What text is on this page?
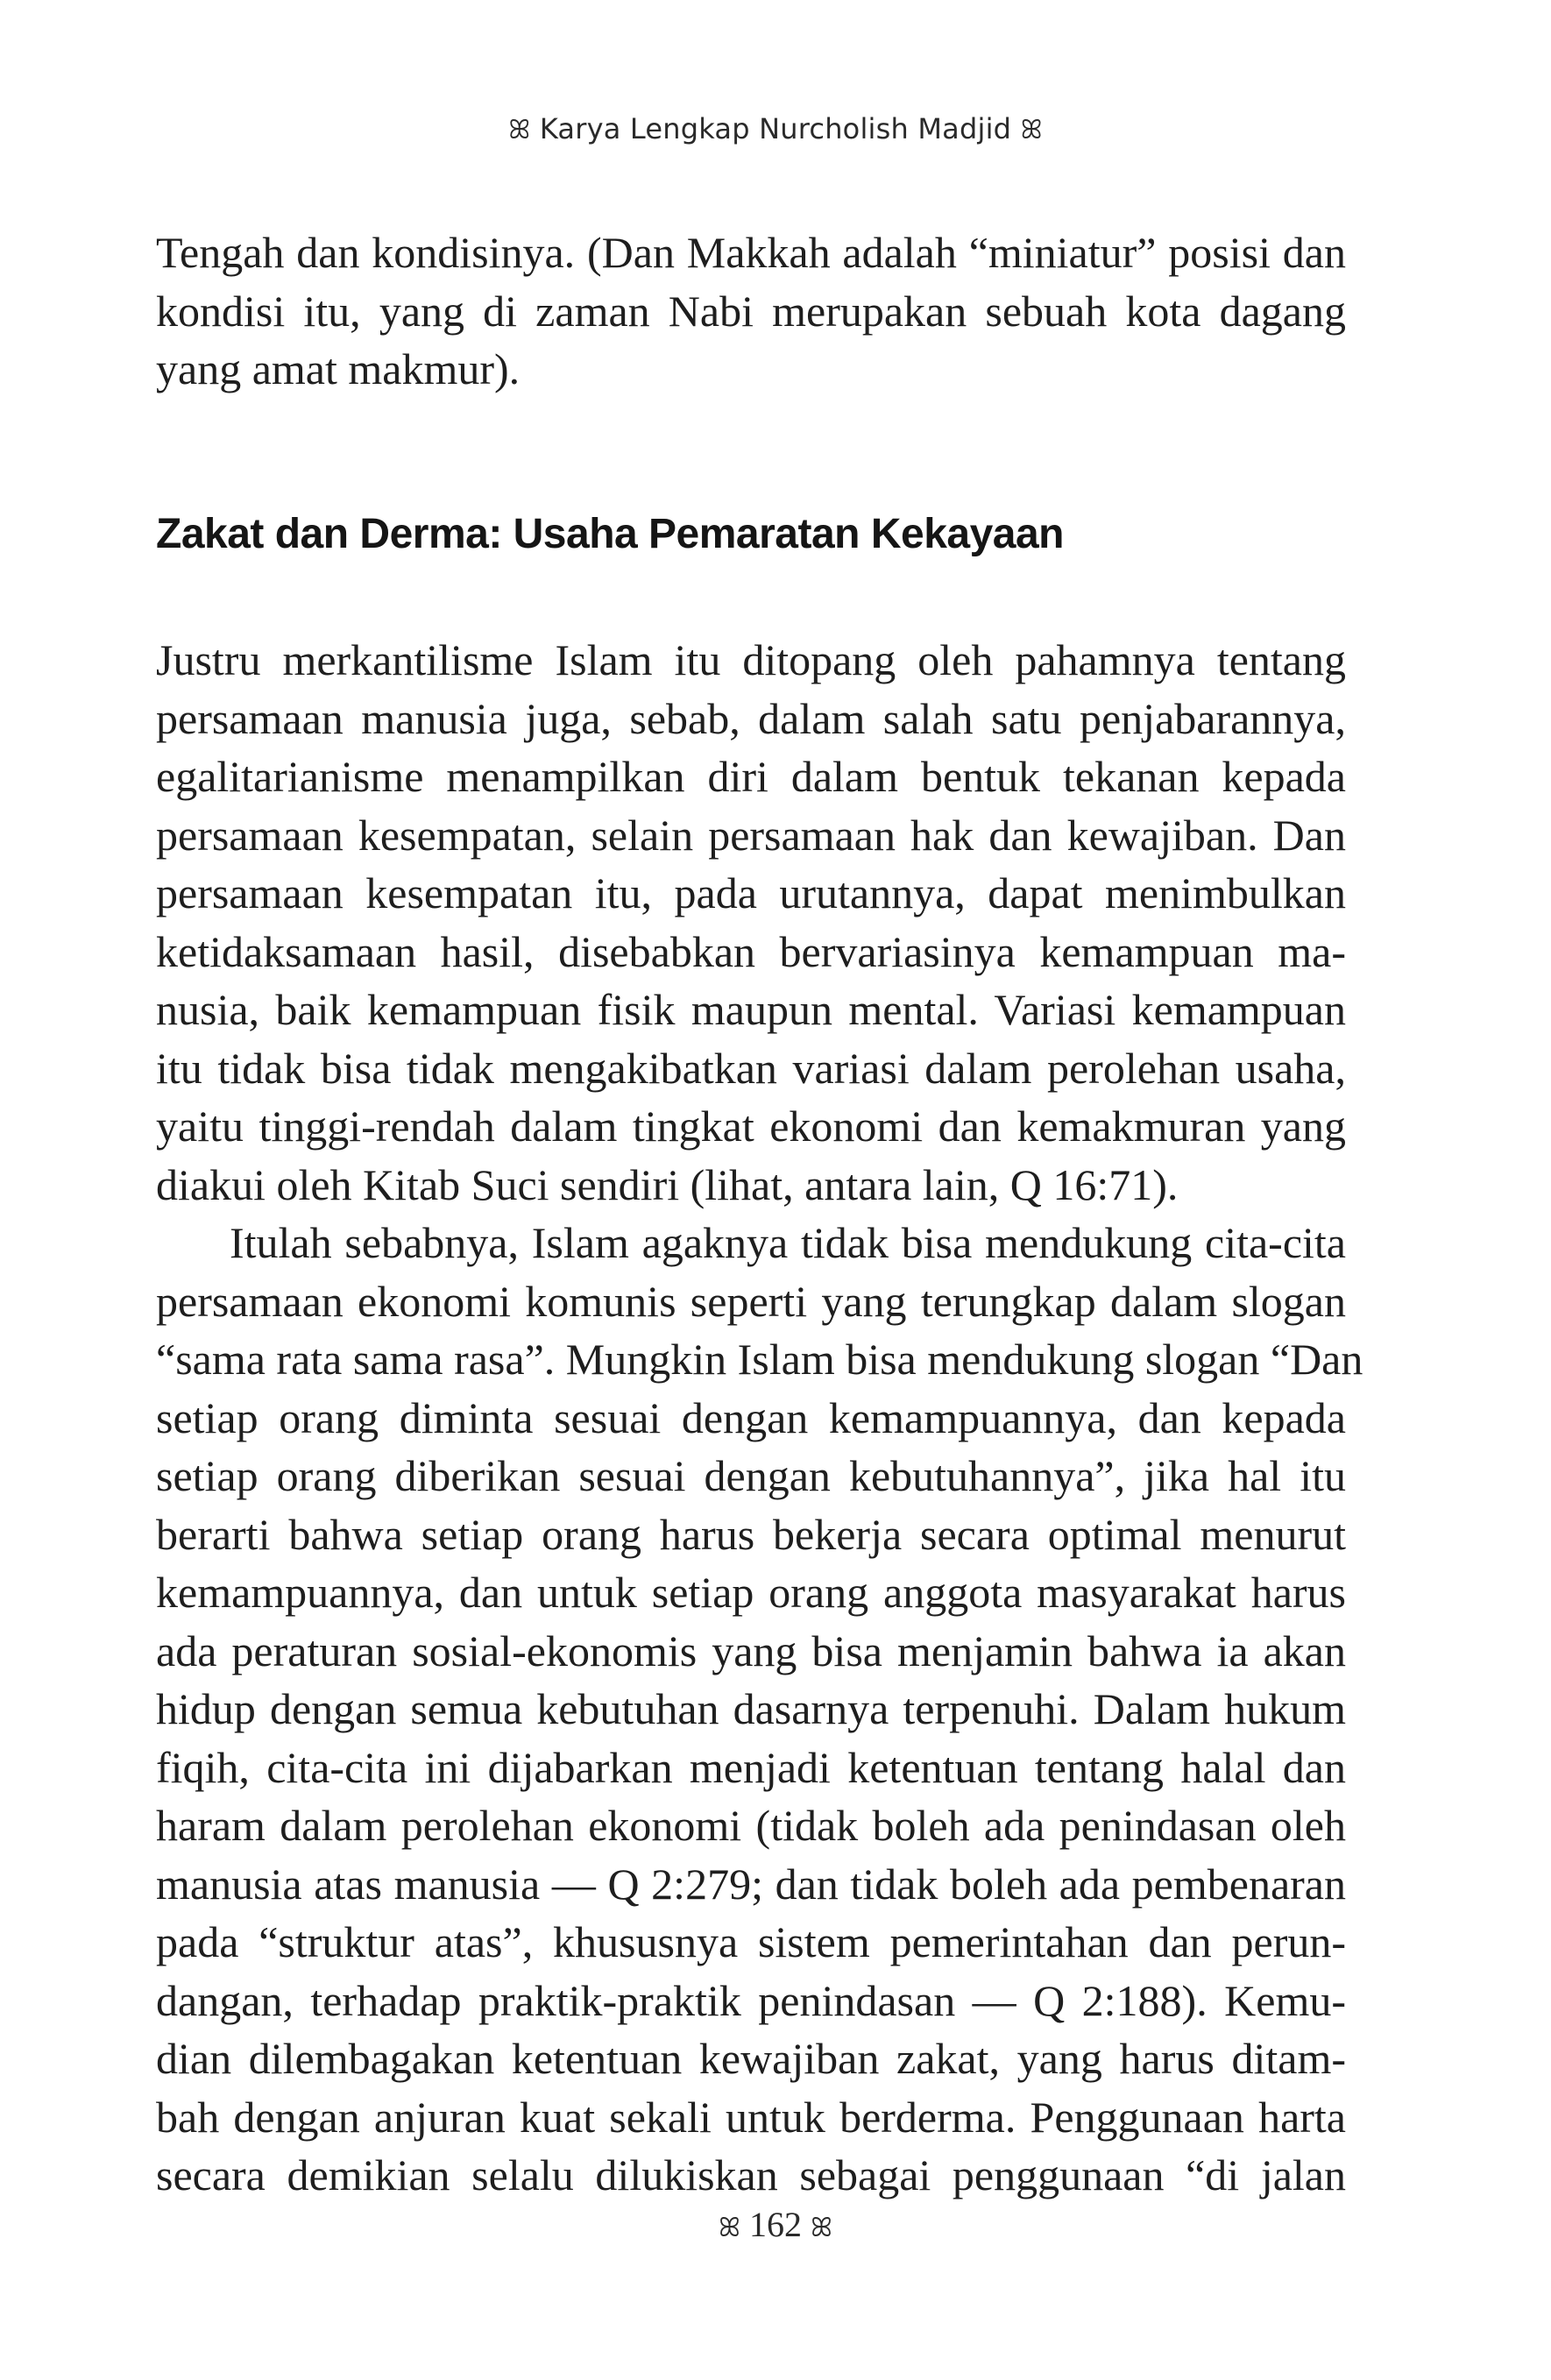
ꕤ Karya Lengkap Nurcholish Madjid ꕤ
Tengah dan kondisinya. (Dan Makkah adalah “miniatur” posisi dan
kondisi itu, yang di zaman Nabi merupakan sebuah kota dagang
yang amat makmur).
Zakat dan Derma: Usaha Pemaratan Kekayaan
Justru merkantilisme Islam itu ditopang oleh pahamnya tentang
persamaan manusia juga, sebab, dalam salah satu penjabarannya,
egalitarianisme menampilkan diri dalam bentuk tekanan kepada
persamaan kesempatan, selain persamaan hak dan kewajiban. Dan
persamaan kesempatan itu, pada urutannya, dapat menimbulkan
ketidaksamaan hasil, disebabkan bervariasinya kemampuan ma-
nusia, baik kemampuan fisik maupun mental. Variasi kemampuan
itu tidak bisa tidak mengakibatkan variasi dalam perolehan usaha,
yaitu tinggi-rendah dalam tingkat ekonomi dan kemakmuran yang
diakui oleh Kitab Suci sendiri (lihat, antara lain, Q 16:71).
Itulah sebabnya, Islam agaknya tidak bisa mendukung cita-cita
persamaan ekonomi komunis seperti yang terungkap dalam slogan
“sama rata sama rasa”. Mungkin Islam bisa mendukung slogan “Dan
setiap orang diminta sesuai dengan kemampuannya, dan kepada
setiap orang diberikan sesuai dengan kebutuhannya”, jika hal itu
berarti bahwa setiap orang harus bekerja secara optimal menurut
kemampuannya, dan untuk setiap orang anggota masyarakat harus
ada peraturan sosial-ekonomis yang bisa menjamin bahwa ia akan
hidup dengan semua kebutuhan dasarnya terpenuhi. Dalam hukum
fiqih, cita-cita ini dijabarkan menjadi ketentuan tentang halal dan
haram dalam perolehan ekonomi (tidak boleh ada penindasan oleh
manusia atas manusia — Q 2:279; dan tidak boleh ada pembenaran
pada “struktur atas”, khususnya sistem pemerintahan dan perun-
dangan, terhadap praktik-praktik penindasan — Q 2:188). Kemu-
dian dilembagakan ketentuan kewajiban zakat, yang harus ditam-
bah dengan anjuran kuat sekali untuk berderma. Penggunaan harta
secara demikian selalu dilukiskan sebagai penggunaan “di jalan
ꕤ 162 ꕤ
